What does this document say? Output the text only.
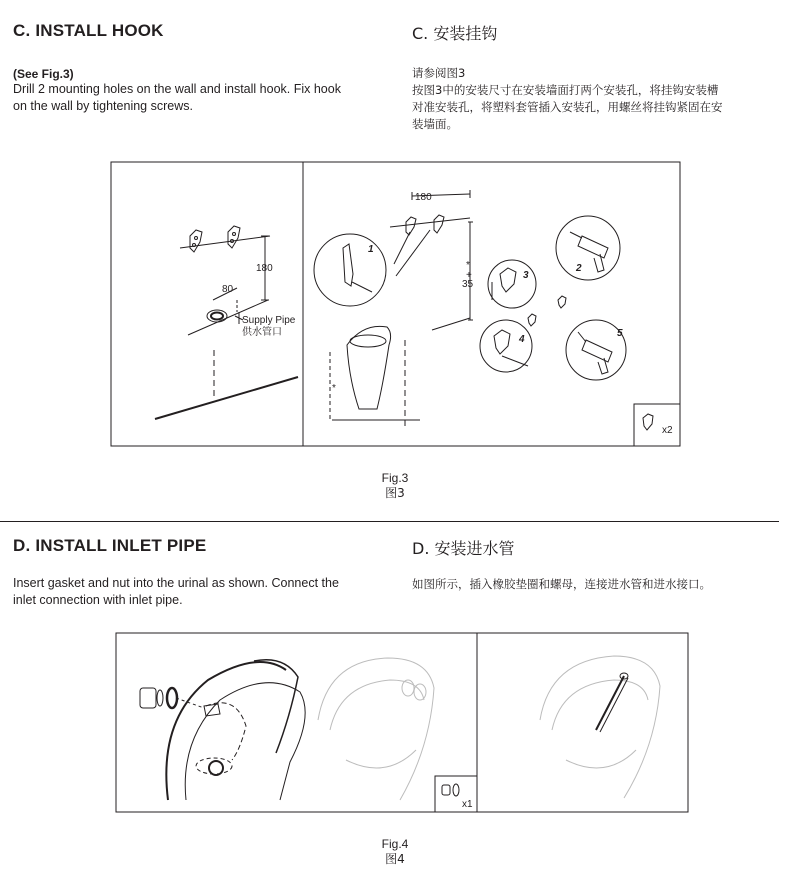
C. INSTALL HOOK	C. 安装挂钩
(See Fig.3)
Drill 2 mounting holes on the wall and install hook. Fix hook
on the wall by tightening screws.
请参阅图3
按图3中的安装尺寸在安装墙面打两个安装孔，将挂钩安装槽
对准安装孔，将塑料套管插入安装孔，用螺丝将挂钩紧固在安
装墙面。
180
80
Supply Pipe
供水管口
180
*
+
35
*
1
2
3
4
5
x2
Fig.3
图3
D. INSTALL INLET PIPE	D. 安装进水管
Insert gasket and nut into the urinal as shown. Connect the
inlet connection with inlet pipe.
如图所示，插入橡胶垫圈和螺母，连接进水管和进水接口。
x1
Fig.4
图4
